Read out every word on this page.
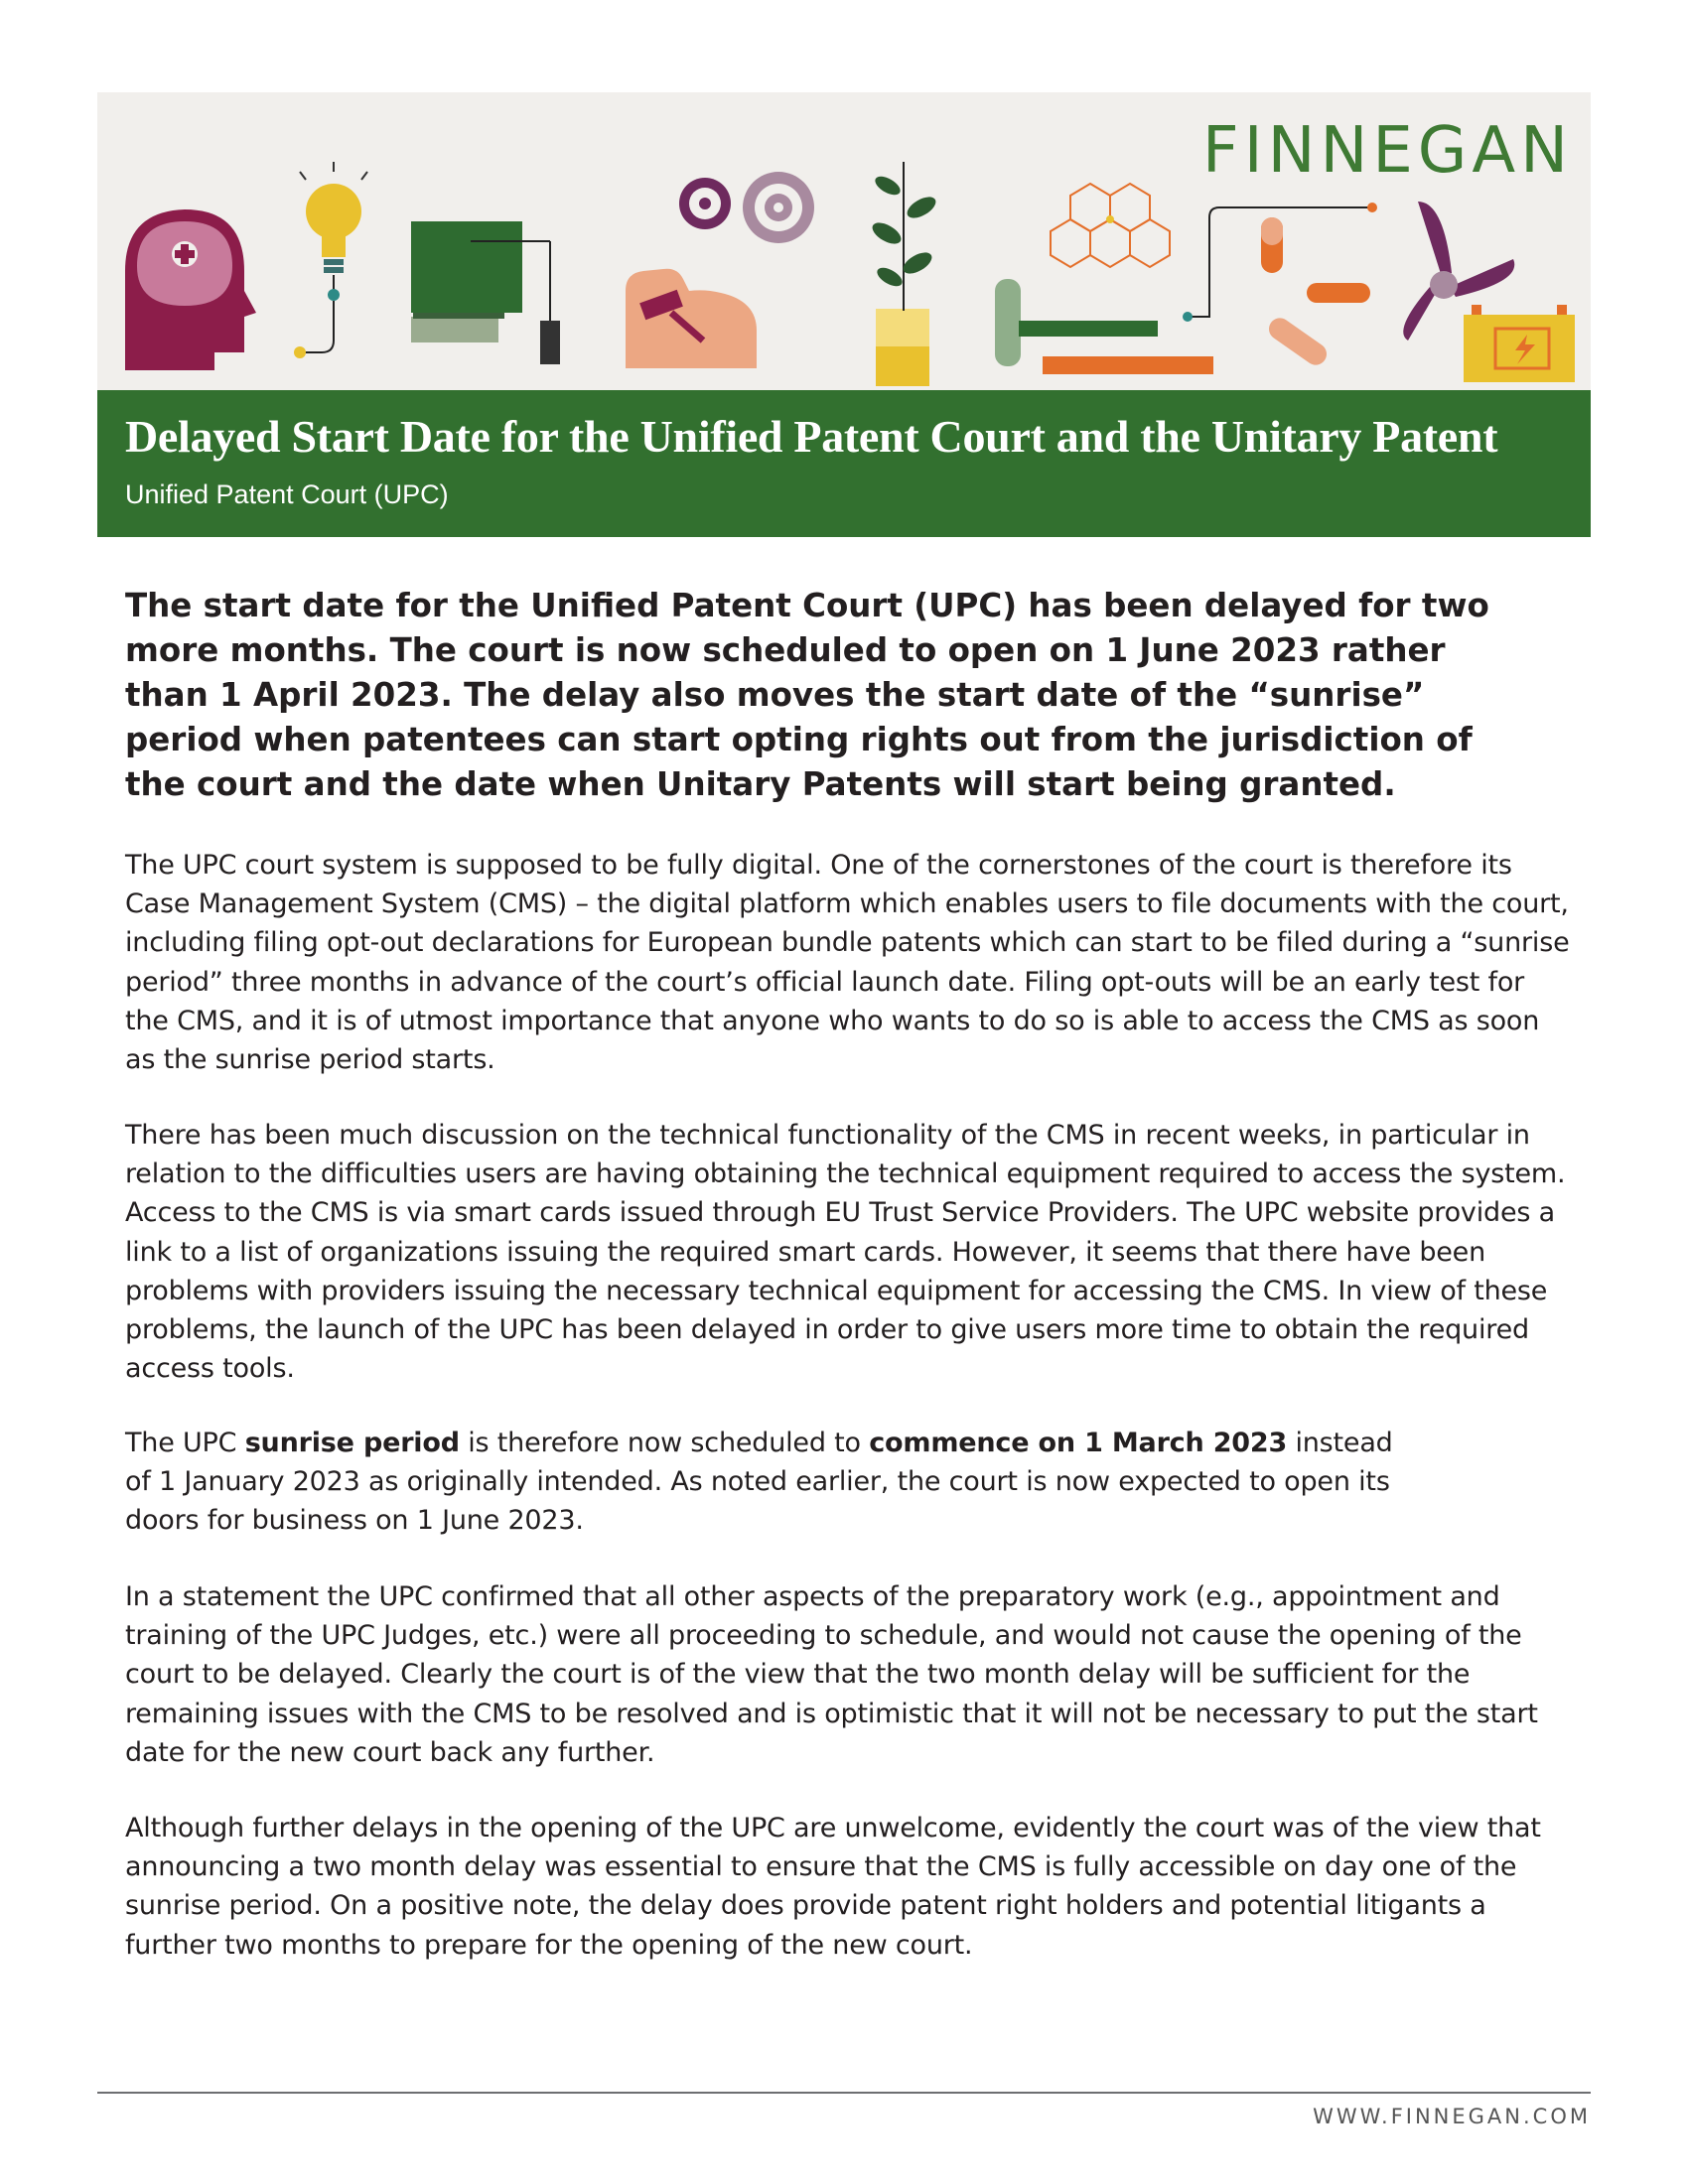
FINNEGAN
Delayed Start Date for the Unified Patent Court and the Unitary Patent
Unified Patent Court (UPC)

The start date for the Unified Patent Court (UPC) has been delayed for two more months. The court is now scheduled to open on 1 June 2023 rather than 1 April 2023. The delay also moves the start date of the “sunrise” period when patentees can start opting rights out from the jurisdiction of the court and the date when Unitary Patents will start being granted.

The UPC court system is supposed to be fully digital. One of the cornerstones of the court is therefore its Case Management System (CMS) – the digital platform which enables users to file documents with the court, including filing opt-out declarations for European bundle patents which can start to be filed during a “sunrise period” three months in advance of the court’s official launch date. Filing opt-outs will be an early test for the CMS, and it is of utmost importance that anyone who wants to do so is able to access the CMS as soon as the sunrise period starts.

There has been much discussion on the technical functionality of the CMS in recent weeks, in particular in relation to the difficulties users are having obtaining the technical equipment required to access the system. Access to the CMS is via smart cards issued through EU Trust Service Providers. The UPC website provides a link to a list of organizations issuing the required smart cards. However, it seems that there have been problems with providers issuing the necessary technical equipment for accessing the CMS. In view of these problems, the launch of the UPC has been delayed in order to give users more time to obtain the required access tools.

The UPC sunrise period is therefore now scheduled to commence on 1 March 2023 instead of 1 January 2023 as originally intended. As noted earlier, the court is now expected to open its doors for business on 1 June 2023.

In a statement the UPC confirmed that all other aspects of the preparatory work (e.g., appointment and training of the UPC Judges, etc.) were all proceeding to schedule, and would not cause the opening of the court to be delayed. Clearly the court is of the view that the two month delay will be sufficient for the remaining issues with the CMS to be resolved and is optimistic that it will not be necessary to put the start date for the new court back any further.

Although further delays in the opening of the UPC are unwelcome, evidently the court was of the view that announcing a two month delay was essential to ensure that the CMS is fully accessible on day one of the sunrise period. On a positive note, the delay does provide patent right holders and potential litigants a further two months to prepare for the opening of the new court.

WWW.FINNEGAN.COM
